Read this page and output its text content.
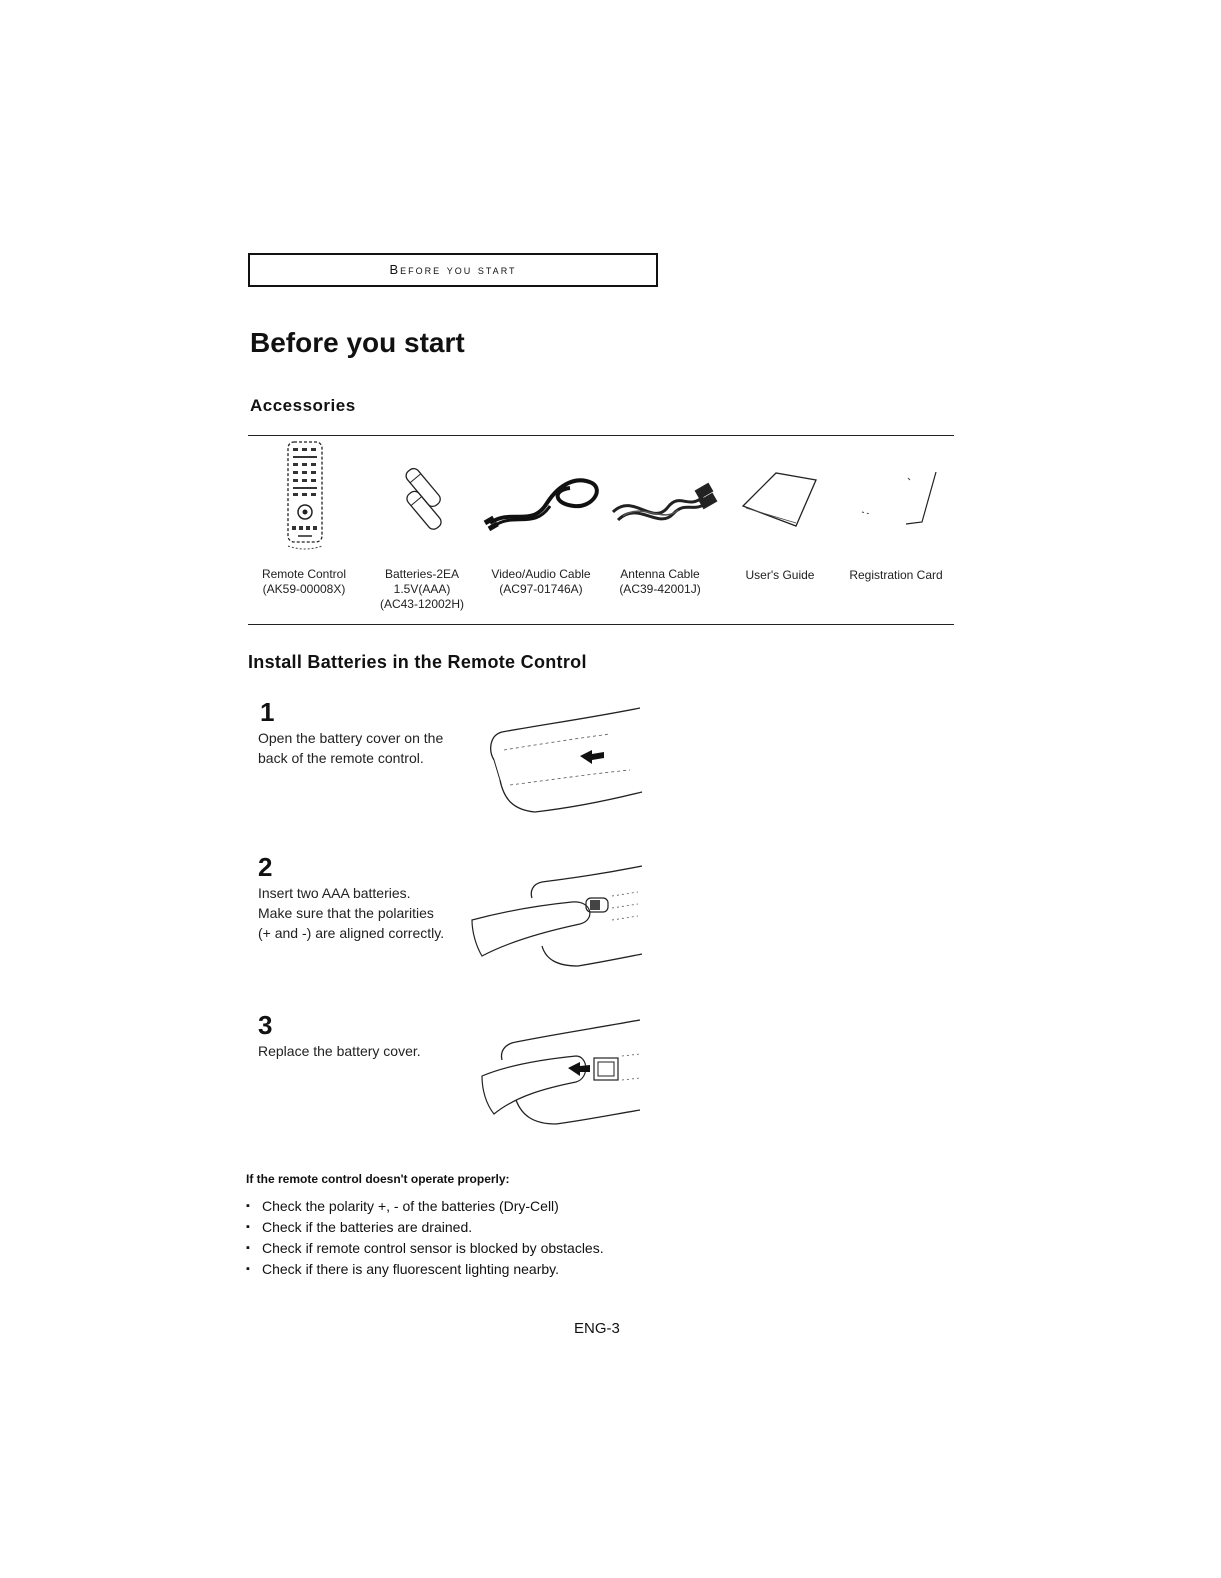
Before you start
Before you start
Accessories
Remote Control
(AK59-00008X)
Batteries-2EA
1.5V(AAA)
(AC43-12002H)
Video/Audio Cable
(AC97-01746A)
Antenna Cable
(AC39-42001J)
User's Guide	Registration Card
Install Batteries in the Remote Control
1
Open the battery cover on the back of the remote control.
2
Insert two AAA batteries. Make sure that the polarities (+ and -) are aligned correctly.
3
Replace the battery cover.
If the remote control doesn't operate properly:
▪ Check the polarity +, - of the batteries (Dry-Cell)
▪ Check if the batteries are drained.
▪ Check if remote control sensor is blocked by obstacles.
▪ Check if there is any fluorescent lighting nearby.
ENG-3
